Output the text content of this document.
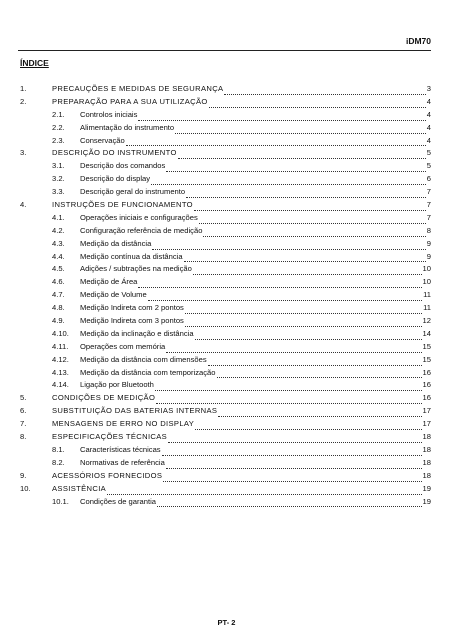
iDM70
ÍNDICE
1.	PRECAUÇÕES E MEDIDAS DE SEGURANÇA	3
2.	PREPARAÇÃO PARA A SUA UTILIZAÇÃO	4
2.1.	Controlos iniciais	4
2.2.	Alimentação do instrumento	4
2.3.	Conservação	4
3.	DESCRIÇÃO DO INSTRUMENTO	5
3.1.	Descrição dos comandos	5
3.2.	Descrição do display	6
3.3.	Descrição geral do instrumento	7
4.	INSTRUÇÕES DE FUNCIONAMENTO	7
4.1.	Operações iniciais e configurações	7
4.2.	Configuração referência de medição	8
4.3.	Medição da distância	9
4.4.	Medição contínua da distância	9
4.5.	Adições / subtrações na medição	10
4.6.	Medição de Área	10
4.7.	Medição de Volume	11
4.8.	Medição Indireta com 2 pontos	11
4.9.	Medição Indireta com 3 pontos	12
4.10.	Medição da inclinação e distância	14
4.11.	Operações com memória	15
4.12.	Medição da distância com dimensões	15
4.13.	Medição da distância com temporização	16
4.14.	Ligação por Bluetooth	16
5.	CONDIÇÕES DE MEDIÇÃO	16
6.	SUBSTITUIÇÃO DAS BATERIAS INTERNAS	17
7.	MENSAGENS DE ERRO NO DISPLAY	17
8.	ESPECIFICAÇÕES TÉCNICAS	18
8.1.	Características técnicas	18
8.2.	Normativas de referência	18
9.	ACESSÓRIOS FORNECIDOS	18
10.	ASSISTÊNCIA	19
10.1.	Condições de garantia	19
PT- 2
